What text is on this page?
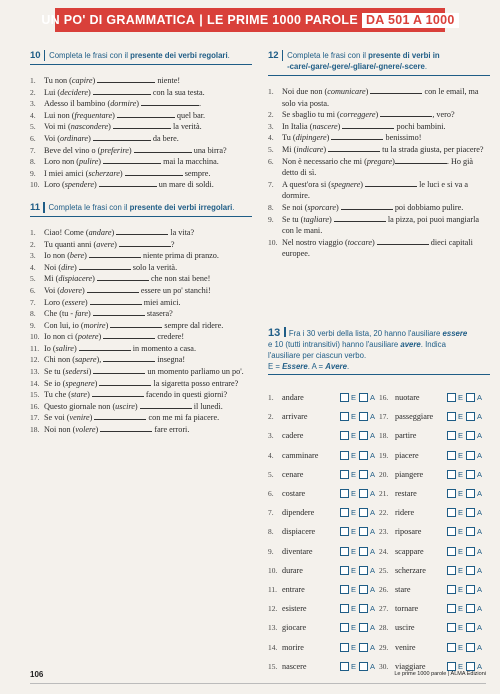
UN PO' DI GRAMMATICA | LE PRIME 1000 PAROLE DA 501 A 1000
10 Completa le frasi con il presente dei verbi regolari.
1.	Tu non (capire)	niente!
2.	Lui (decidere)	con la sua testa.
3.	Adesso il bambino (dormire)	.
4.	Lui non (frequentare)	quel bar.
5.	Voi mi (nascondere)	la verità.
6.	Voi (ordinare)	da bere.
7.	Beve del vino o (preferire)	una birra?
8.	Loro non (pulire)	mai la macchina.
9.	I miei amici (scherzare)	sempre.
10. Loro (spendere)	un mare di soldi.
11 Completa le frasi con il presente dei verbi irregolari.
1.	Ciao! Come (andare)	la vita?
2.	Tu quanti anni (avere)	?
3.	Io non (bere)	niente prima di pranzo.
4.	Noi (dire)	solo la verità.
5.	Mi (dispiacere)	che non stai bene!
6.	Voi (dovere)	essere un po' stanchi!
7.	Loro (essere)	miei amici.
8.	Che (tu - fare)	stasera?
9.	Con lui, io (morire)	sempre dal ridere.
10. Io non ci (potere)	credere!
11. Io (salire)	in momento a casa.
12. Chi non (sapere),	insegna!
13. Se tu (sedersi)	un momento parliamo un po'.
14. Se io (spegnere)	la sigaretta posso entrare?
15. Tu che (stare)	facendo in questi giorni?
16. Questo giornale non (uscire)	il lunedì.
17. Se voi (venire)	con me mi fa piacere.
18. Noi non (volere)	fare errori.
12 Completa le frasi con il presente di verbi in
-care/-gare/-gere/-gliare/-gnere/-scere.
1.	Noi due non (comunicare)	con le email, ma solo via posta.
2.	Se sbaglio tu mi (correggere)	, vero?
3.	In Italia (nascere)	pochi bambini.
4.	Tu (dipingere)	benissimo!
5.	Mi (indicare)	tu la strada giusta, per piacere?
6.	Non è necessario che mi (pregare)	. Ho già detto di sì.
7.	A quest'ora si (spegnere)	le luci e si va a dormire.
8.	Se noi (sporcare)	poi dobbiamo pulire.
9.	Se tu (tagliare)	la pizza, poi puoi mangiarla con le mani.
10. Nel nostro viaggio (toccare)	dieci capitali europee.
13 Fra i 30 verbi della lista, 20 hanno l'ausiliare essere
e 10 (tutti intransitivi) hanno l'ausiliare avere. Indica
l'ausiliare per ciascun verbo.
E = Essere. A = Avere.
1.	andare	E A 16. nuotare	E A
2.	arrivare	E A 17. passeggiare	E A
3.	cadere	E A 18. partire	E A
4.	camminare	E A 19. piacere	E A
5.	cenare	E A 20. piangere	E A
6.	costare	E A 21. restare	E A
7.	dipendere	E A 22. ridere	E A
8.	dispiacere	E A 23. riposare	E A
9.	diventare	E A 24. scappare	E A
10. durare	E A 25. scherzare	E A
11. entrare	E A 26. stare	E A
12. esistere	E A 27. tornare	E A
13. giocare	E A 28. uscire	E A
14. morire	E A 29. venire	E A
15. nascere	E A 30. viaggiare	E A
106	Le prime 1000 parole | ALMA Edizioni
